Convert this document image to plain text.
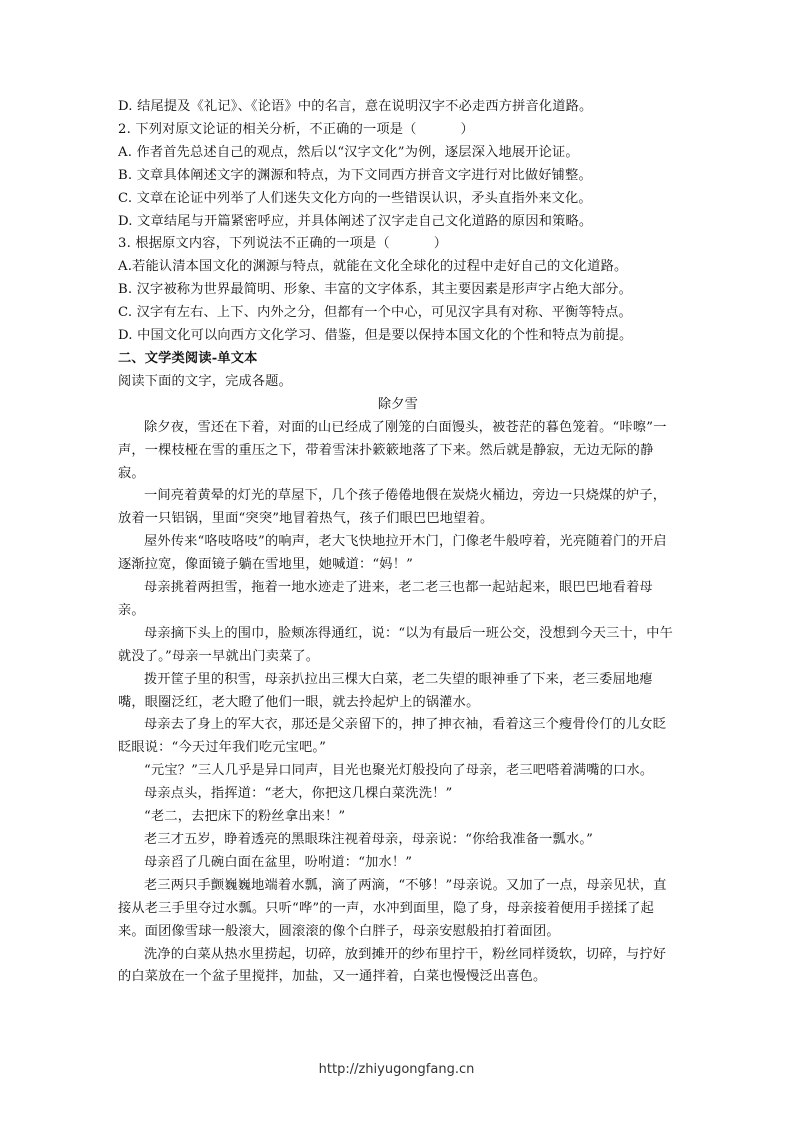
D. 结尾提及《礼记》、《论语》中的名言，意在说明汉字不必走西方拼音化道路。

2. 下列对原文论证的相关分析，不正确的一项是（	）

A. 作者首先总述自己的观点，然后以“汉字文化”为例，逐层深入地展开论证。

B. 文章具体阐述文字的渊源和特点，为下文同西方拼音文字进行对比做好铺整。

C. 文章在论证中列举了人们迷失文化方向的一些错误认识，矛头直指外来文化。

D. 文章结尾与开篇紧密呼应，并具体阐述了汉字走自己文化道路的原因和策略。

3. 根据原文内容，下列说法不正确的一项是（	）

A.若能认清本国文化的渊源与特点，就能在文化全球化的过程中走好自己的文化道路。

B. 汉字被称为世界最简明、形象、丰富的文字体系，其主要因素是形声字占绝大部分。

C. 汉字有左右、上下、内外之分，但都有一个中心，可见汉字具有对称、平衡等特点。

D. 中国文化可以向西方文化学习、借鉴，但是要以保持本国文化的个性和特点为前提。

二、文学类阅读-单文本

阅读下面的文字，完成各题。

除夕雪

除夕夜，雪还在下着，对面的山已经成了刚笼的白面馒头，被苍茫的暮色笼着。“咔嚓”一声，一棵枝桠在雪的重压之下，带着雪沫扑簌簌地落了下来。然后就是静寂，无边无际的静寂。

一间亮着黄晕的灯光的草屋下，几个孩子倦倦地偎在炭烧火桶边，旁边一只烧煤的炉子，放着一只铝锅，里面“突突”地冒着热气，孩子们眼巴巴地望着。

屋外传来“咯吱咯吱”的响声，老大飞快地拉开木门，门像老牛般哼着，光亮随着门的开启逐渐拉宽，像面镜子躺在雪地里，她喊道：“妈！”

母亲挑着两担雪，拖着一地水迹走了进来，老二老三也都一起站起来，眼巴巴地看着母亲。

母亲摘下头上的围巾，脸颊冻得通红，说：“以为有最后一班公交，没想到今天三十，中午就没了。”母亲一早就出门卖菜了。

拨开筐子里的积雪，母亲扒拉出三棵大白菜，老二失望的眼神垂了下来，老三委屈地瘪嘴，眼圈泛红，老大瞪了他们一眼，就去拎起炉上的锅灌水。

母亲去了身上的军大衣，那还是父亲留下的，抻了抻衣袖，看着这三个瘦骨伶仃的儿女眨眨眼说：“今天过年我们吃元宝吧。”

“元宝？”三人几乎是异口同声，目光也聚光灯般投向了母亲，老三吧嗒着满嘴的口水。

母亲点头，指挥道：“老大，你把这几棵白菜洗洗！”

“老二，去把床下的粉丝拿出来！”

老三才五岁，睁着透亮的黑眼珠注视着母亲，母亲说：“你给我准备一瓢水。”

母亲舀了几碗白面在盆里，吩咐道：“加水！”

老三两只手颤巍巍地端着水瓢，滴了两滴，“不够！”母亲说。又加了一点，母亲见状，直接从老三手里夺过水瓢。只听“哗”的一声，水冲到面里，隐了身，母亲接着便用手搓揉了起来。面团像雪球一般滚大，圆滚滚的像个白胖子，母亲安慰般拍打着面团。

洗净的白菜从热水里捞起，切碎，放到摊开的纱布里拧干，粉丝同样烫软，切碎，与拧好的白菜放在一个盆子里搅拌，加盐，又一通拌着，白菜也慢慢泛出喜色。

http://zhiyugongfang.cn
